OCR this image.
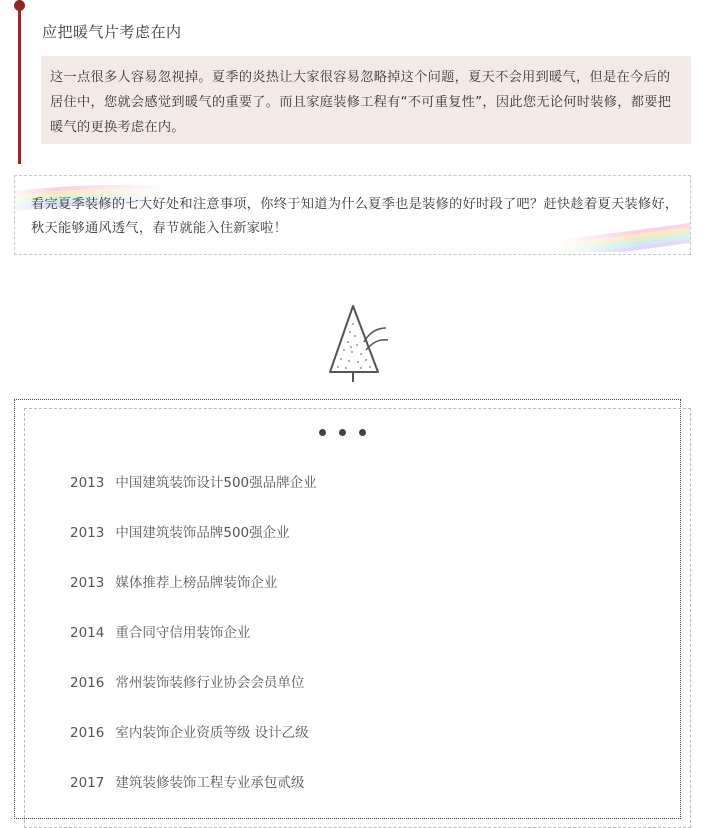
应把暖气片考虑在内
这一点很多人容易忽视掉。夏季的炎热让大家很容易忽略掉这个问题，夏天不会用到暖气，但是在今后的居住中，您就会感觉到暖气的重要了。而且家庭装修工程有“不可重复性”，因此您无论何时装修，都要把暖气的更换考虑在内。
看完夏季装修的七大好处和注意事项，你终于知道为什么夏季也是装修的好时段了吧？赶快趁着夏天装修好，秋天能够通风透气，春节就能入住新家啦！
2013 中国建筑装饰设计500强品牌企业
2013 中国建筑装饰品牌500强企业
2013 媒体推荐上榜品牌装饰企业
2014 重合同守信用装饰企业
2016 常州装饰装修行业协会会员单位
2016 室内装饰企业资质等级 设计乙级
2017 建筑装修装饰工程专业承包贰级
